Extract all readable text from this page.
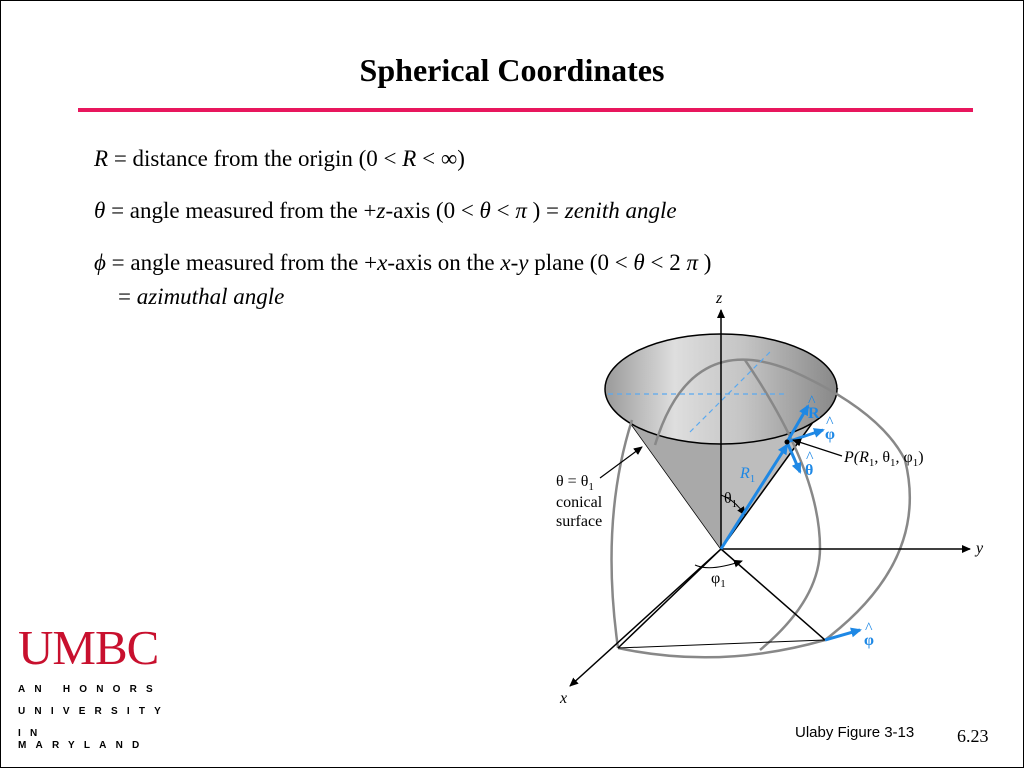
Spherical Coordinates
R = distance from the origin (0 < R < ∞)
θ = angle measured from the +z-axis (0 < θ < π ) = zenith angle
ϕ = angle measured from the +x-axis on the x-y plane (0 < θ < 2 π )
= azimuthal angle	z
y
x
$\theta = \theta_1$
conical
surface
$\theta_1$
$\varphi_1$
$R_1$
$P(R_1$, $\theta_1$, $\varphi_1$)
^
R
^
φ
^
θ
^
φ
UMBC
AN HONORS
UNIVERSITY
IN MARYLAND
Ulaby Figure 3-13 6.23
